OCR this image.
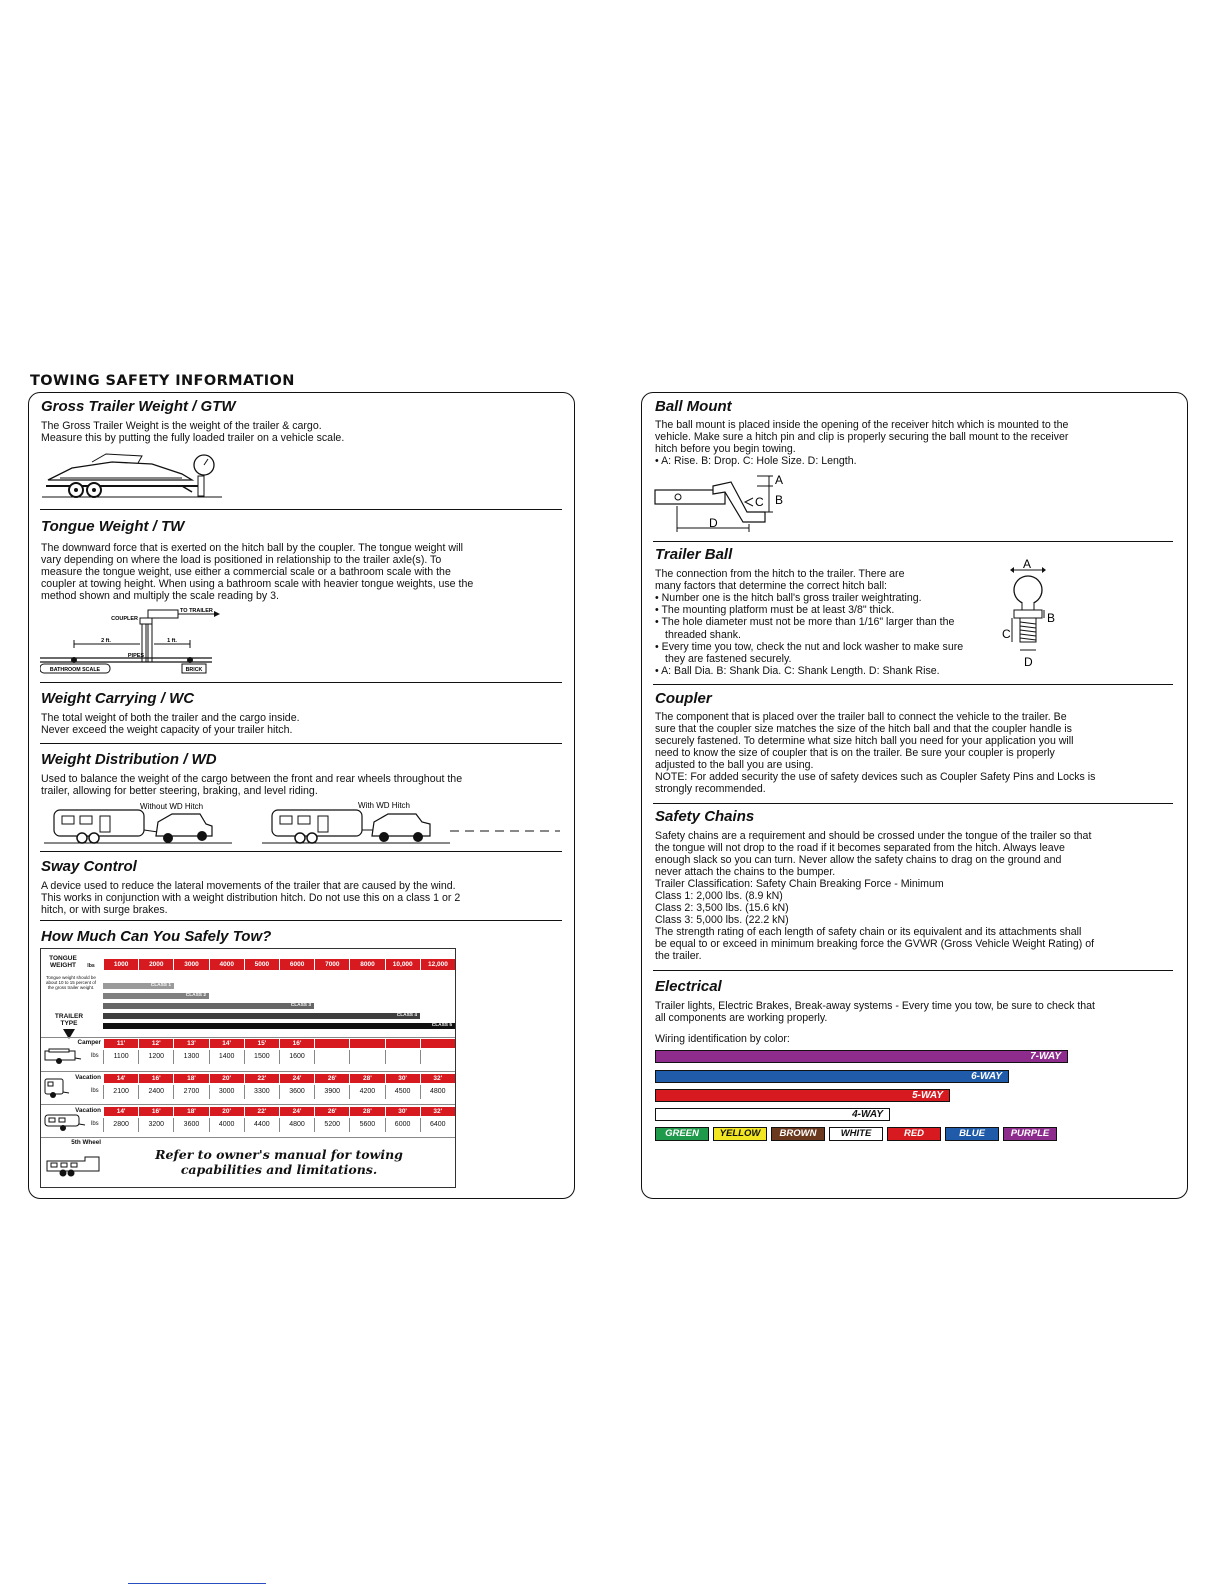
TOWING SAFETY INFORMATION
Gross Trailer Weight / GTW

The Gross Trailer Weight is the weight of the trailer & cargo.

Measure this by putting the fully loaded trailer on a vehicle scale.

Tongue Weight / TW

The downward force that is exerted on the hitch ball by the coupler. The tongue weight will

vary depending on where the load is positioned in relationship to the trailer axle(s). To

measure the tongue weight, use either a commercial scale or a bathroom scale with the

coupler at towing height. When using a bathroom scale with heavier tongue weights, use the

method shown and multiply the scale reading by 3.

TO TRAILER
COUPLER
2 ft.	1 ft.
PIPES
BATHROOM SCALE	BRICK
Weight Carrying / WC

The total weight of both the trailer and the cargo inside.

Never exceed the weight capacity of your trailer hitch.

Weight Distribution / WD

Used to balance the weight of the cargo between the front and rear wheels throughout the

trailer, allowing for better steering, braking, and level riding.

Without WD Hitch	With WD Hitch
Sway Control

A device used to reduce the lateral movements of the trailer that are caused by the wind.

This works in conjunction with a weight distribution hitch. Do not use this on a class 1 or 2

hitch, or with surge brakes.

How Much Can You Safely Tow?
TONGUE WEIGHT	lbs
Tongue weight should be about 10 to 15 percent of the gross trailer weight.
TRAILER TYPE
1000	2000	3000	4000	5000	6000	7000	8000	10,000	12,000
CLASS 1
CLASS 2
CLASS 3
CLASS 4
CLASS 5
Camper	11'	12'	13'	14'	15'	16'
lbs	1100	1200	1300	1400	1500	1600
Vacation	14'	16'	18'	20'	22'	24'	26'	28'	30'	32'
lbs	2100	2400	2700	3000	3300	3600	3900	4200	4500	4800
Vacation	14'	16'	18'	20'	22'	24'	26'	28'	30'	32'
lbs	2800	3200	3600	4000	4400	4800	5200	5600	6000	6400
5th Wheel
Refer to owner's manual for towing capabilities and limitations.
Ball Mount

The ball mount is placed inside the opening of the receiver hitch which is mounted to the

vehicle. Make sure a hitch pin and clip is properly securing the ball mount to the receiver

hitch before you begin towing.

• A: Rise. B: Drop. C: Hole Size. D: Length.

A
B
C
D
Trailer Ball

The connection from the hitch to the trailer. There are

many factors that determine the correct hitch ball:

• Number one is the hitch ball's gross trailer weightrating.
• The mounting platform must be at least 3/8" thick.
• The hole diameter must not be more than 1/16" larger than the threaded shank.
• Every time you tow, check the nut and lock washer to make sure they are fastened securely.
• A: Ball Dia. B: Shank Dia. C: Shank Length. D: Shank Rise.
A
B
C
D
Coupler

The component that is placed over the trailer ball to connect the vehicle to the trailer. Be

sure that the coupler size matches the size of the hitch ball and that the coupler handle is

securely fastened. To determine what size hitch ball you need for your application you will

need to know the size of coupler that is on the trailer. Be sure your coupler is properly

adjusted to the ball you are using.

NOTE: For added security the use of safety devices such as Coupler Safety Pins and Locks is

strongly recommended.

Safety Chains

Safety chains are a requirement and should be crossed under the tongue of the trailer so that

the tongue will not drop to the road if it becomes separated from the hitch. Always leave

enough slack so you can turn. Never allow the safety chains to drag on the ground and

never attach the chains to the bumper.

Trailer Classification: Safety Chain Breaking Force - Minimum

Class 1: 2,000 lbs. (8.9 kN)

Class 2: 3,500 lbs. (15.6 kN)

Class 3: 5,000 lbs. (22.2 kN)

The strength rating of each length of safety chain or its equivalent and its attachments shall

be equal to or exceed in minimum breaking force the GVWR (Gross Vehicle Weight Rating) of

the trailer.

Electrical

Trailer lights, Electric Brakes, Break-away systems - Every time you tow, be sure to check that

all components are working properly.

Wiring identification by color:

7-WAY
6-WAY
5-WAY
4-WAY
GREEN	YELLOW	BROWN	WHITE	RED	BLUE	PURPLE
